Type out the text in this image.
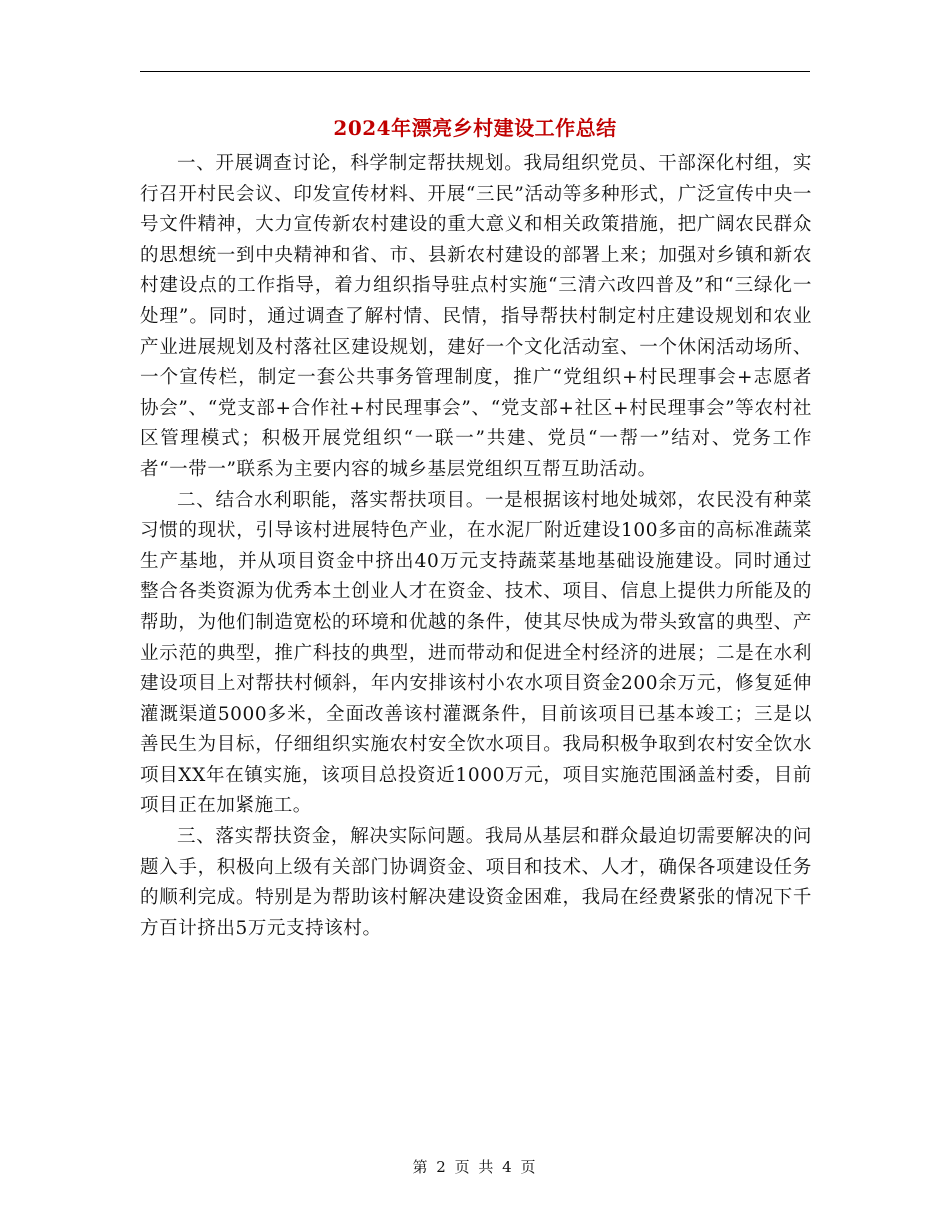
2024年漂亮乡村建设工作总结

一、开展调查讨论，科学制定帮扶规划。我局组织党员、干部深化村组，实行召开村民会议、印发宣传材料、开展“三民”活动等多种形式，广泛宣传中央一号文件精神，大力宣传新农村建设的重大意义和相关政策措施，把广阔农民群众的思想统一到中央精神和省、市、县新农村建设的部署上来；加强对乡镇和新农村建设点的工作指导，着力组织指导驻点村实施“三清六改四普及”和“三绿化一处理”。同时，通过调查了解村情、民情，指导帮扶村制定村庄建设规划和农业产业进展规划及村落社区建设规划，建好一个文化活动室、一个休闲活动场所、一个宣传栏，制定一套公共事务管理制度，推广“党组织+村民理事会+志愿者协会”、“党支部+合作社+村民理事会”、“党支部+社区+村民理事会”等农村社区管理模式；积极开展党组织“一联一”共建、党员“一帮一”结对、党务工作者“一带一”联系为主要内容的城乡基层党组织互帮互助活动。

二、结合水利职能，落实帮扶项目。一是根据该村地处城郊，农民没有种菜习惯的现状，引导该村进展特色产业，在水泥厂附近建设100多亩的高标准蔬菜生产基地，并从项目资金中挤出40万元支持蔬菜基地基础设施建设。同时通过整合各类资源为优秀本土创业人才在资金、技术、项目、信息上提供力所能及的帮助，为他们制造宽松的环境和优越的条件，使其尽快成为带头致富的典型、产业示范的典型，推广科技的典型，进而带动和促进全村经济的进展；二是在水利建设项目上对帮扶村倾斜，年内安排该村小农水项目资金200余万元，修复延伸灌溉渠道5000多米，全面改善该村灌溉条件，目前该项目已基本竣工；三是以善民生为目标，仔细组织实施农村安全饮水项目。我局积极争取到农村安全饮水项目XX年在镇实施，该项目总投资近1000万元，项目实施范围涵盖村委，目前项目正在加紧施工。

三、落实帮扶资金，解决实际问题。我局从基层和群众最迫切需要解决的问题入手，积极向上级有关部门协调资金、项目和技术、人才，确保各项建设任务的顺利完成。特别是为帮助该村解决建设资金困难，我局在经费紧张的情况下千方百计挤出5万元支持该村。

第 2 页 共 4 页
